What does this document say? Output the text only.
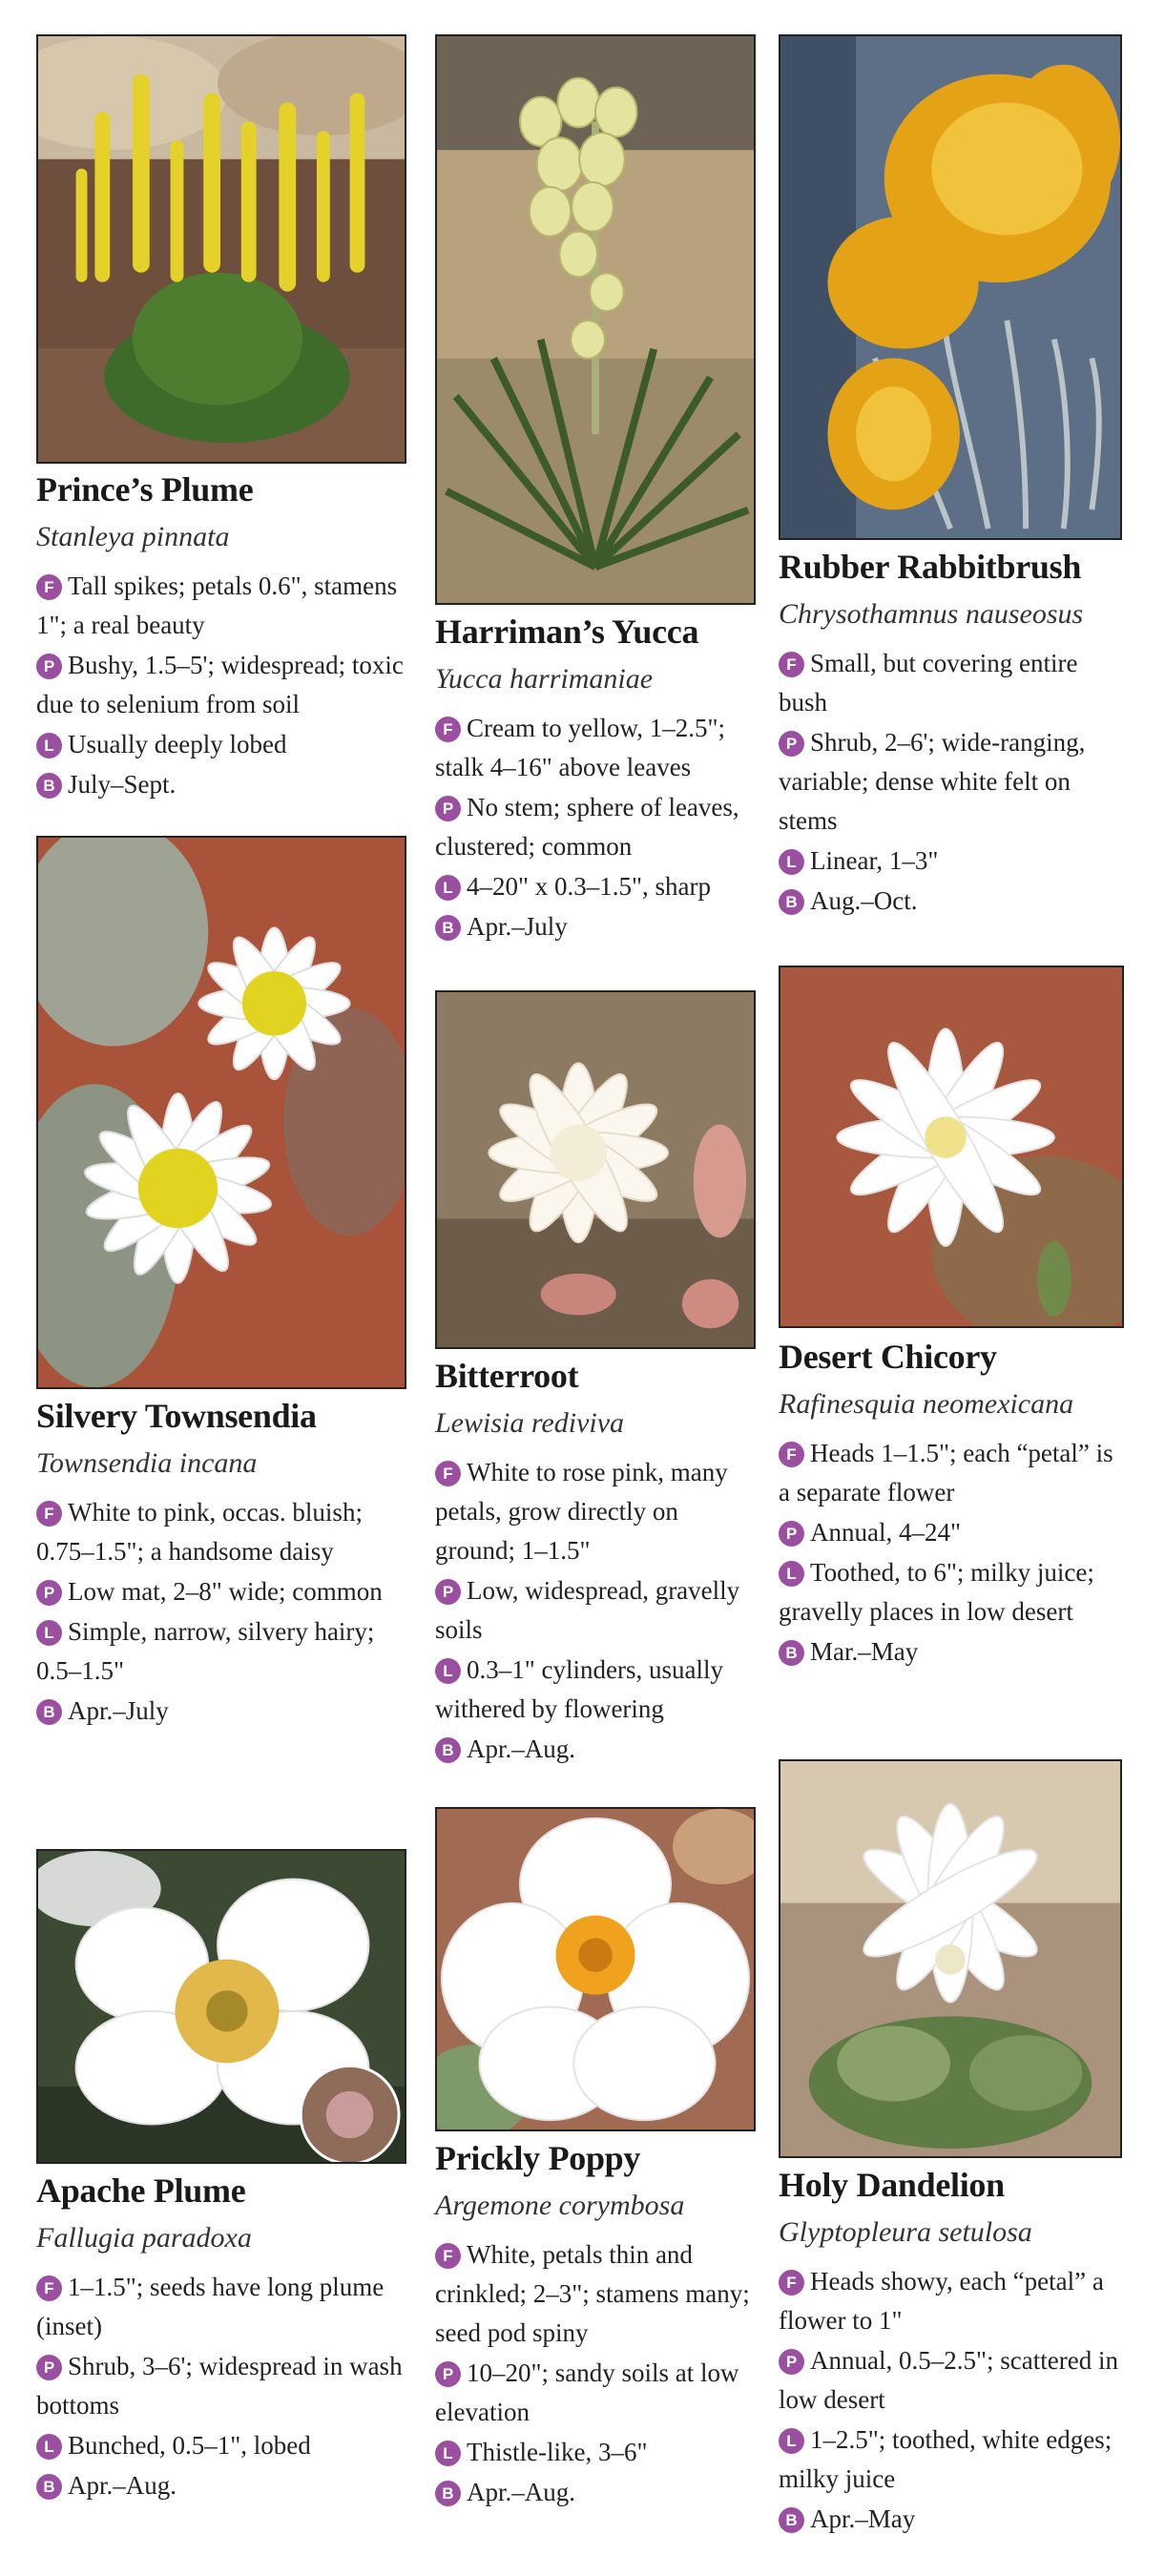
Prince’s Plume
Stanleya pinnata
F Tall spikes; petals 0.6", stamens 1"; a real beauty
P Bushy, 1.5–5'; widespread; toxic due to selenium from soil
L Usually deeply lobed
B July–Sept.
Harriman’s Yucca
Yucca harrimaniae
F Cream to yellow, 1–2.5"; stalk 4–16" above leaves
P No stem; sphere of leaves, clustered; common
L 4–20" x 0.3–1.5", sharp
B Apr.–July
Rubber Rabbitbrush
Chrysothamnus nauseosus
F Small, but covering entire bush
P Shrub, 2–6'; wide-ranging, variable; dense white felt on stems
L Linear, 1–3"
B Aug.–Oct.
Silvery Townsendia
Townsendia incana
F White to pink, occas. bluish; 0.75–1.5"; a handsome daisy
P Low mat, 2–8" wide; common
L Simple, narrow, silvery hairy; 0.5–1.5"
B Apr.–July
Bitterroot
Lewisia rediviva
F White to rose pink, many petals, grow directly on ground; 1–1.5"
P Low, widespread, gravelly soils
L 0.3–1" cylinders, usually withered by flowering
B Apr.–Aug.
Desert Chicory
Rafinesquia neomexicana
F Heads 1–1.5"; each “petal” is a separate flower
P Annual, 4–24"
L Toothed, to 6"; milky juice; gravelly places in low desert
B Mar.–May
Apache Plume
Fallugia paradoxa
F 1–1.5"; seeds have long plume (inset)
P Shrub, 3–6'; widespread in wash bottoms
L Bunched, 0.5–1", lobed
B Apr.–Aug.
Prickly Poppy
Argemone corymbosa
F White, petals thin and crinkled; 2–3"; stamens many; seed pod spiny
P 10–20"; sandy soils at low elevation
L Thistle-like, 3–6"
B Apr.–Aug.
Holy Dandelion
Glyptopleura setulosa
F Heads showy, each “petal” a flower to 1"
P Annual, 0.5–2.5"; scattered in low desert
L 1–2.5"; toothed, white edges; milky juice
B Apr.–May
